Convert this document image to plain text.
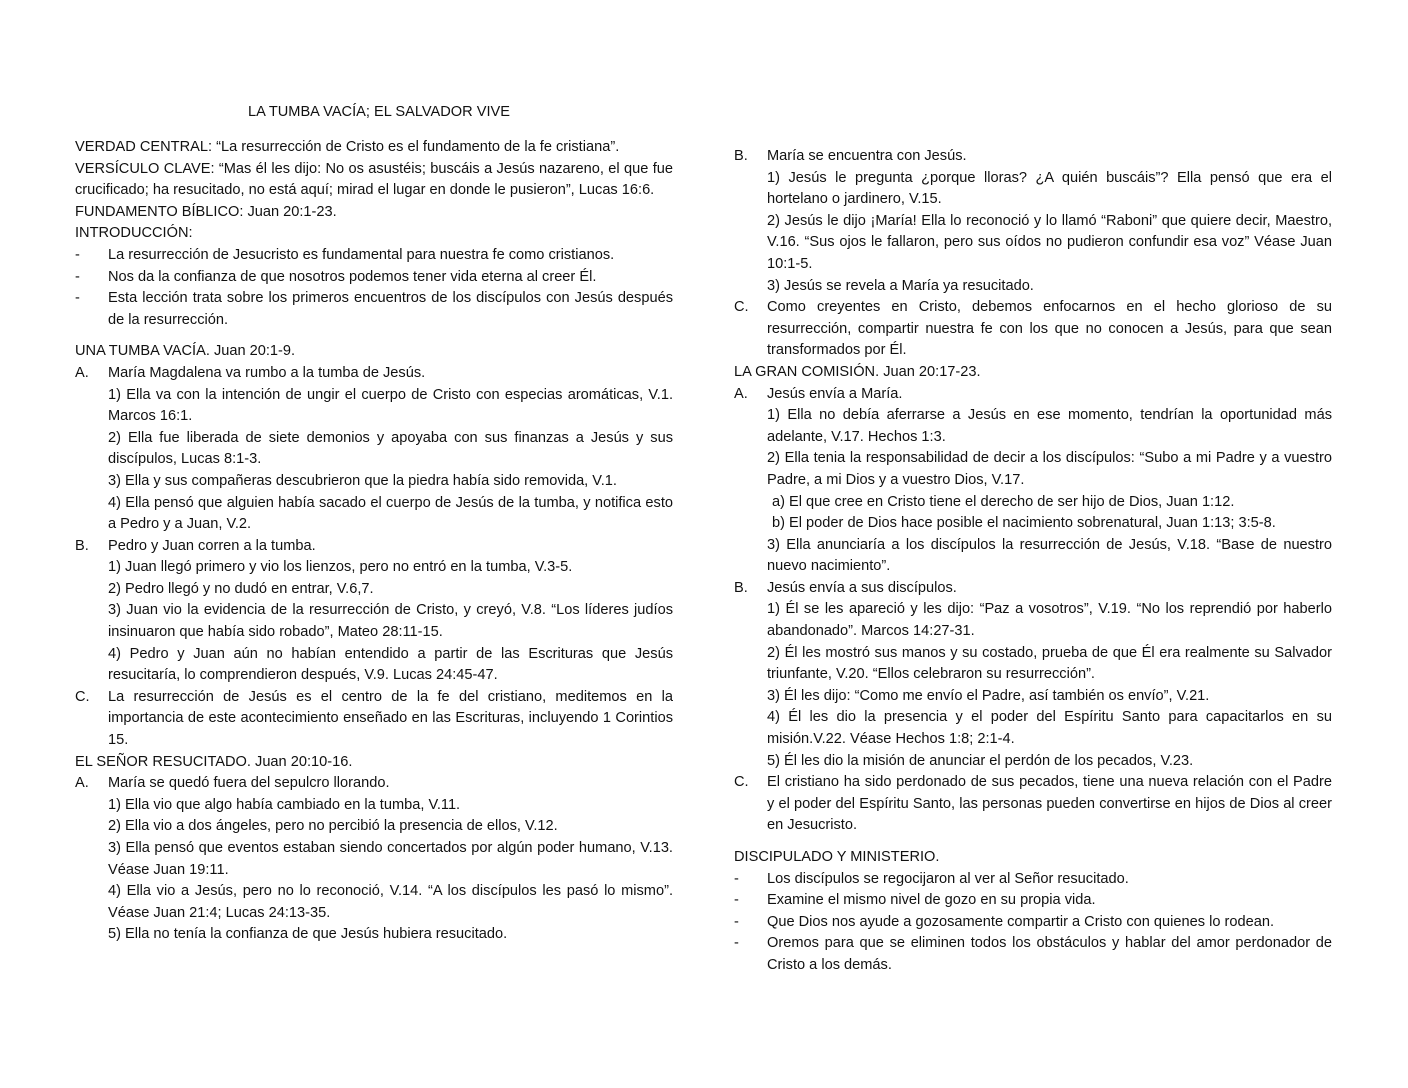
LA TUMBA VACÍA; EL SALVADOR VIVE

VERDAD CENTRAL: “La resurrección de Cristo es el fundamento de la fe cristiana”.

VERSÍCULO CLAVE: “Mas él les dijo: No os asustéis; buscáis a Jesús nazareno, el que fue crucificado; ha resucitado, no está aquí; mirad el lugar en donde le pusieron”, Lucas 16:6.

FUNDAMENTO BÍBLICO: Juan 20:1-23.

INTRODUCCIÓN:

-	La resurrección de Jesucristo es fundamental para nuestra fe como cristianos.
-	Nos da la confianza de que nosotros podemos tener vida eterna al creer Él.
-	Esta lección trata sobre los primeros encuentros de los discípulos con Jesús después de la resurrección.

UNA TUMBA VACÍA. Juan 20:1-9.

A.	María Magdalena va rumbo a la tumba de Jesús.

1) Ella va con la intención de ungir el cuerpo de Cristo con especias aromáticas, V.1. Marcos 16:1.

2) Ella fue liberada de siete demonios y apoyaba con sus finanzas a Jesús y sus discípulos, Lucas 8:1-3.

3) Ella y sus compañeras descubrieron que la piedra había sido removida, V.1.

4) Ella pensó que alguien había sacado el cuerpo de Jesús de la tumba, y notifica esto a Pedro y a Juan, V.2.

B.	Pedro y Juan corren a la tumba.

1) Juan llegó primero y vio los lienzos, pero no entró en la tumba, V.3-5.

2) Pedro llegó y no dudó en entrar, V.6,7.

3) Juan vio la evidencia de la resurrección de Cristo, y creyó, V.8. “Los líderes judíos insinuaron que había sido robado”, Mateo 28:11-15.

4) Pedro y Juan aún no habían entendido a partir de las Escrituras que Jesús resucitaría, lo comprendieron después, V.9. Lucas 24:45-47.

C.	La resurrección de Jesús es el centro de la fe del cristiano, meditemos en la importancia de este acontecimiento enseñado en las Escrituras, incluyendo 1 Corintios 15.

EL SEÑOR RESUCITADO. Juan 20:10-16.

A.	María se quedó fuera del sepulcro llorando.

1) Ella vio que algo había cambiado en la tumba, V.11.

2) Ella vio a dos ángeles, pero no percibió la presencia de ellos, V.12.

3) Ella pensó que eventos estaban siendo concertados por algún poder humano, V.13. Véase Juan 19:11.

4) Ella vio a Jesús, pero no lo reconoció, V.14. “A los discípulos les pasó lo mismo”. Véase Juan 21:4; Lucas 24:13-35.

5) Ella no tenía la confianza de que Jesús hubiera resucitado.

B.	María se encuentra con Jesús.

1) Jesús le pregunta ¿porque lloras? ¿A quién buscáis”? Ella pensó que era el hortelano o jardinero, V.15.

2) Jesús le dijo ¡María! Ella lo reconoció y lo llamó “Raboni” que quiere decir, Maestro, V.16. “Sus ojos le fallaron, pero sus oídos no pudieron confundir esa voz” Véase Juan 10:1-5.

3) Jesús se revela a María ya resucitado.

C.	Como creyentes en Cristo, debemos enfocarnos en el hecho glorioso de su resurrección, compartir nuestra fe con los que no conocen a Jesús, para que sean transformados por Él.

LA GRAN COMISIÓN. Juan 20:17-23.

A.	Jesús envía a María.

1) Ella no debía aferrarse a Jesús en ese momento, tendrían la oportunidad más adelante, V.17. Hechos 1:3.

2) Ella tenia la responsabilidad de decir a los discípulos: “Subo a mi Padre y a vuestro Padre, a mi Dios y a vuestro Dios, V.17.

a) El que cree en Cristo tiene el derecho de ser hijo de Dios, Juan 1:12.

b) El poder de Dios hace posible el nacimiento sobrenatural, Juan 1:13; 3:5-8.

3) Ella anunciaría a los discípulos la resurrección de Jesús, V.18. “Base de nuestro nuevo nacimiento”.

B.	Jesús envía a sus discípulos.

1) Él se les apareció y les dijo: “Paz a vosotros”, V.19. “No los reprendió por haberlo abandonado”. Marcos 14:27-31.

2) Él les mostró sus manos y su costado, prueba de que Él era realmente su Salvador triunfante, V.20. “Ellos celebraron su resurrección”.

3) Él les dijo: “Como me envío el Padre, así también os envío”, V.21.

4) Él les dio la presencia y el poder del Espíritu Santo para capacitarlos en su misión.V.22. Véase Hechos 1:8; 2:1-4.

5) Él les dio la misión de anunciar el perdón de los pecados, V.23.

C.	El cristiano ha sido perdonado de sus pecados, tiene una nueva relación con el Padre y el poder del Espíritu Santo, las personas pueden convertirse en hijos de Dios al creer en Jesucristo.

DISCIPULADO Y MINISTERIO.

-	Los discípulos se regocijaron al ver al Señor resucitado.
-	Examine el mismo nivel de gozo en su propia vida.
-	Que Dios nos ayude a gozosamente compartir a Cristo con quienes lo rodean.
-	Oremos para que se eliminen todos los obstáculos y hablar del amor perdonador de Cristo a los demás.
